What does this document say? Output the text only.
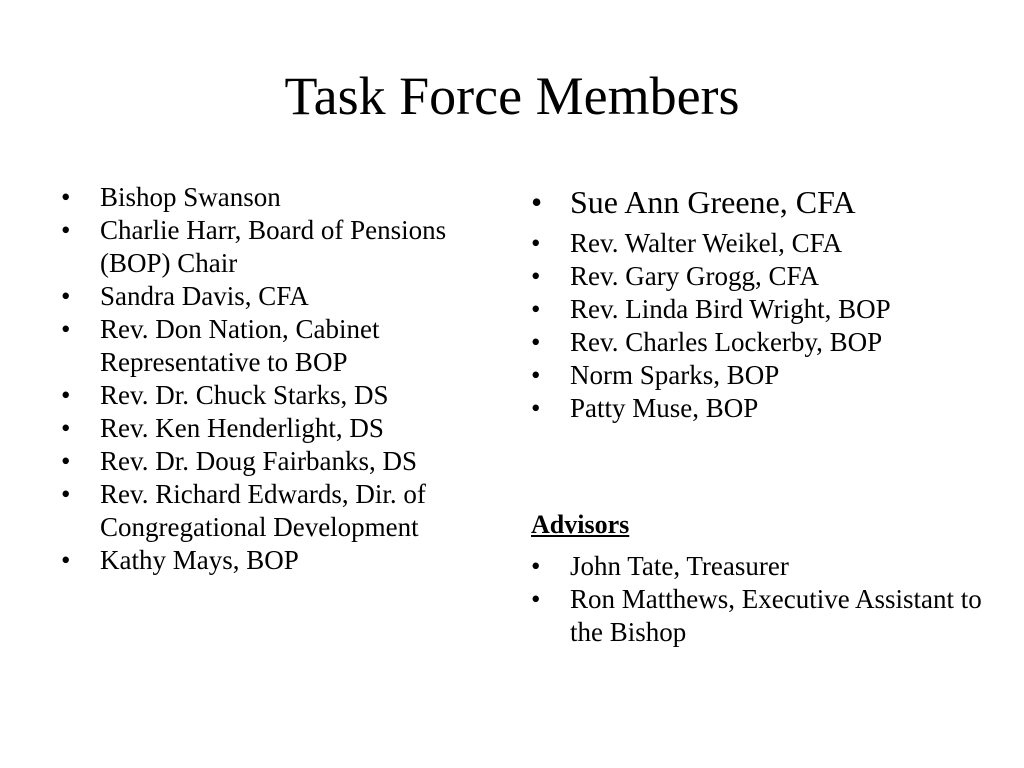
Task Force Members
• Bishop Swanson
• Charlie Harr, Board of Pensions (BOP) Chair
• Sandra Davis, CFA
• Rev. Don Nation, Cabinet Representative to BOP
• Rev. Dr. Chuck Starks, DS
• Rev. Ken Henderlight, DS
• Rev. Dr. Doug Fairbanks, DS
• Rev. Richard Edwards, Dir. of Congregational Development
• Kathy Mays, BOP
• Sue Ann Greene, CFA
• Rev. Walter Weikel, CFA
• Rev. Gary Grogg, CFA
• Rev. Linda Bird Wright, BOP
• Rev. Charles Lockerby, BOP
• Norm Sparks, BOP
• Patty Muse, BOP
Advisors
• John Tate, Treasurer
• Ron Matthews, Executive Assistant to the Bishop
